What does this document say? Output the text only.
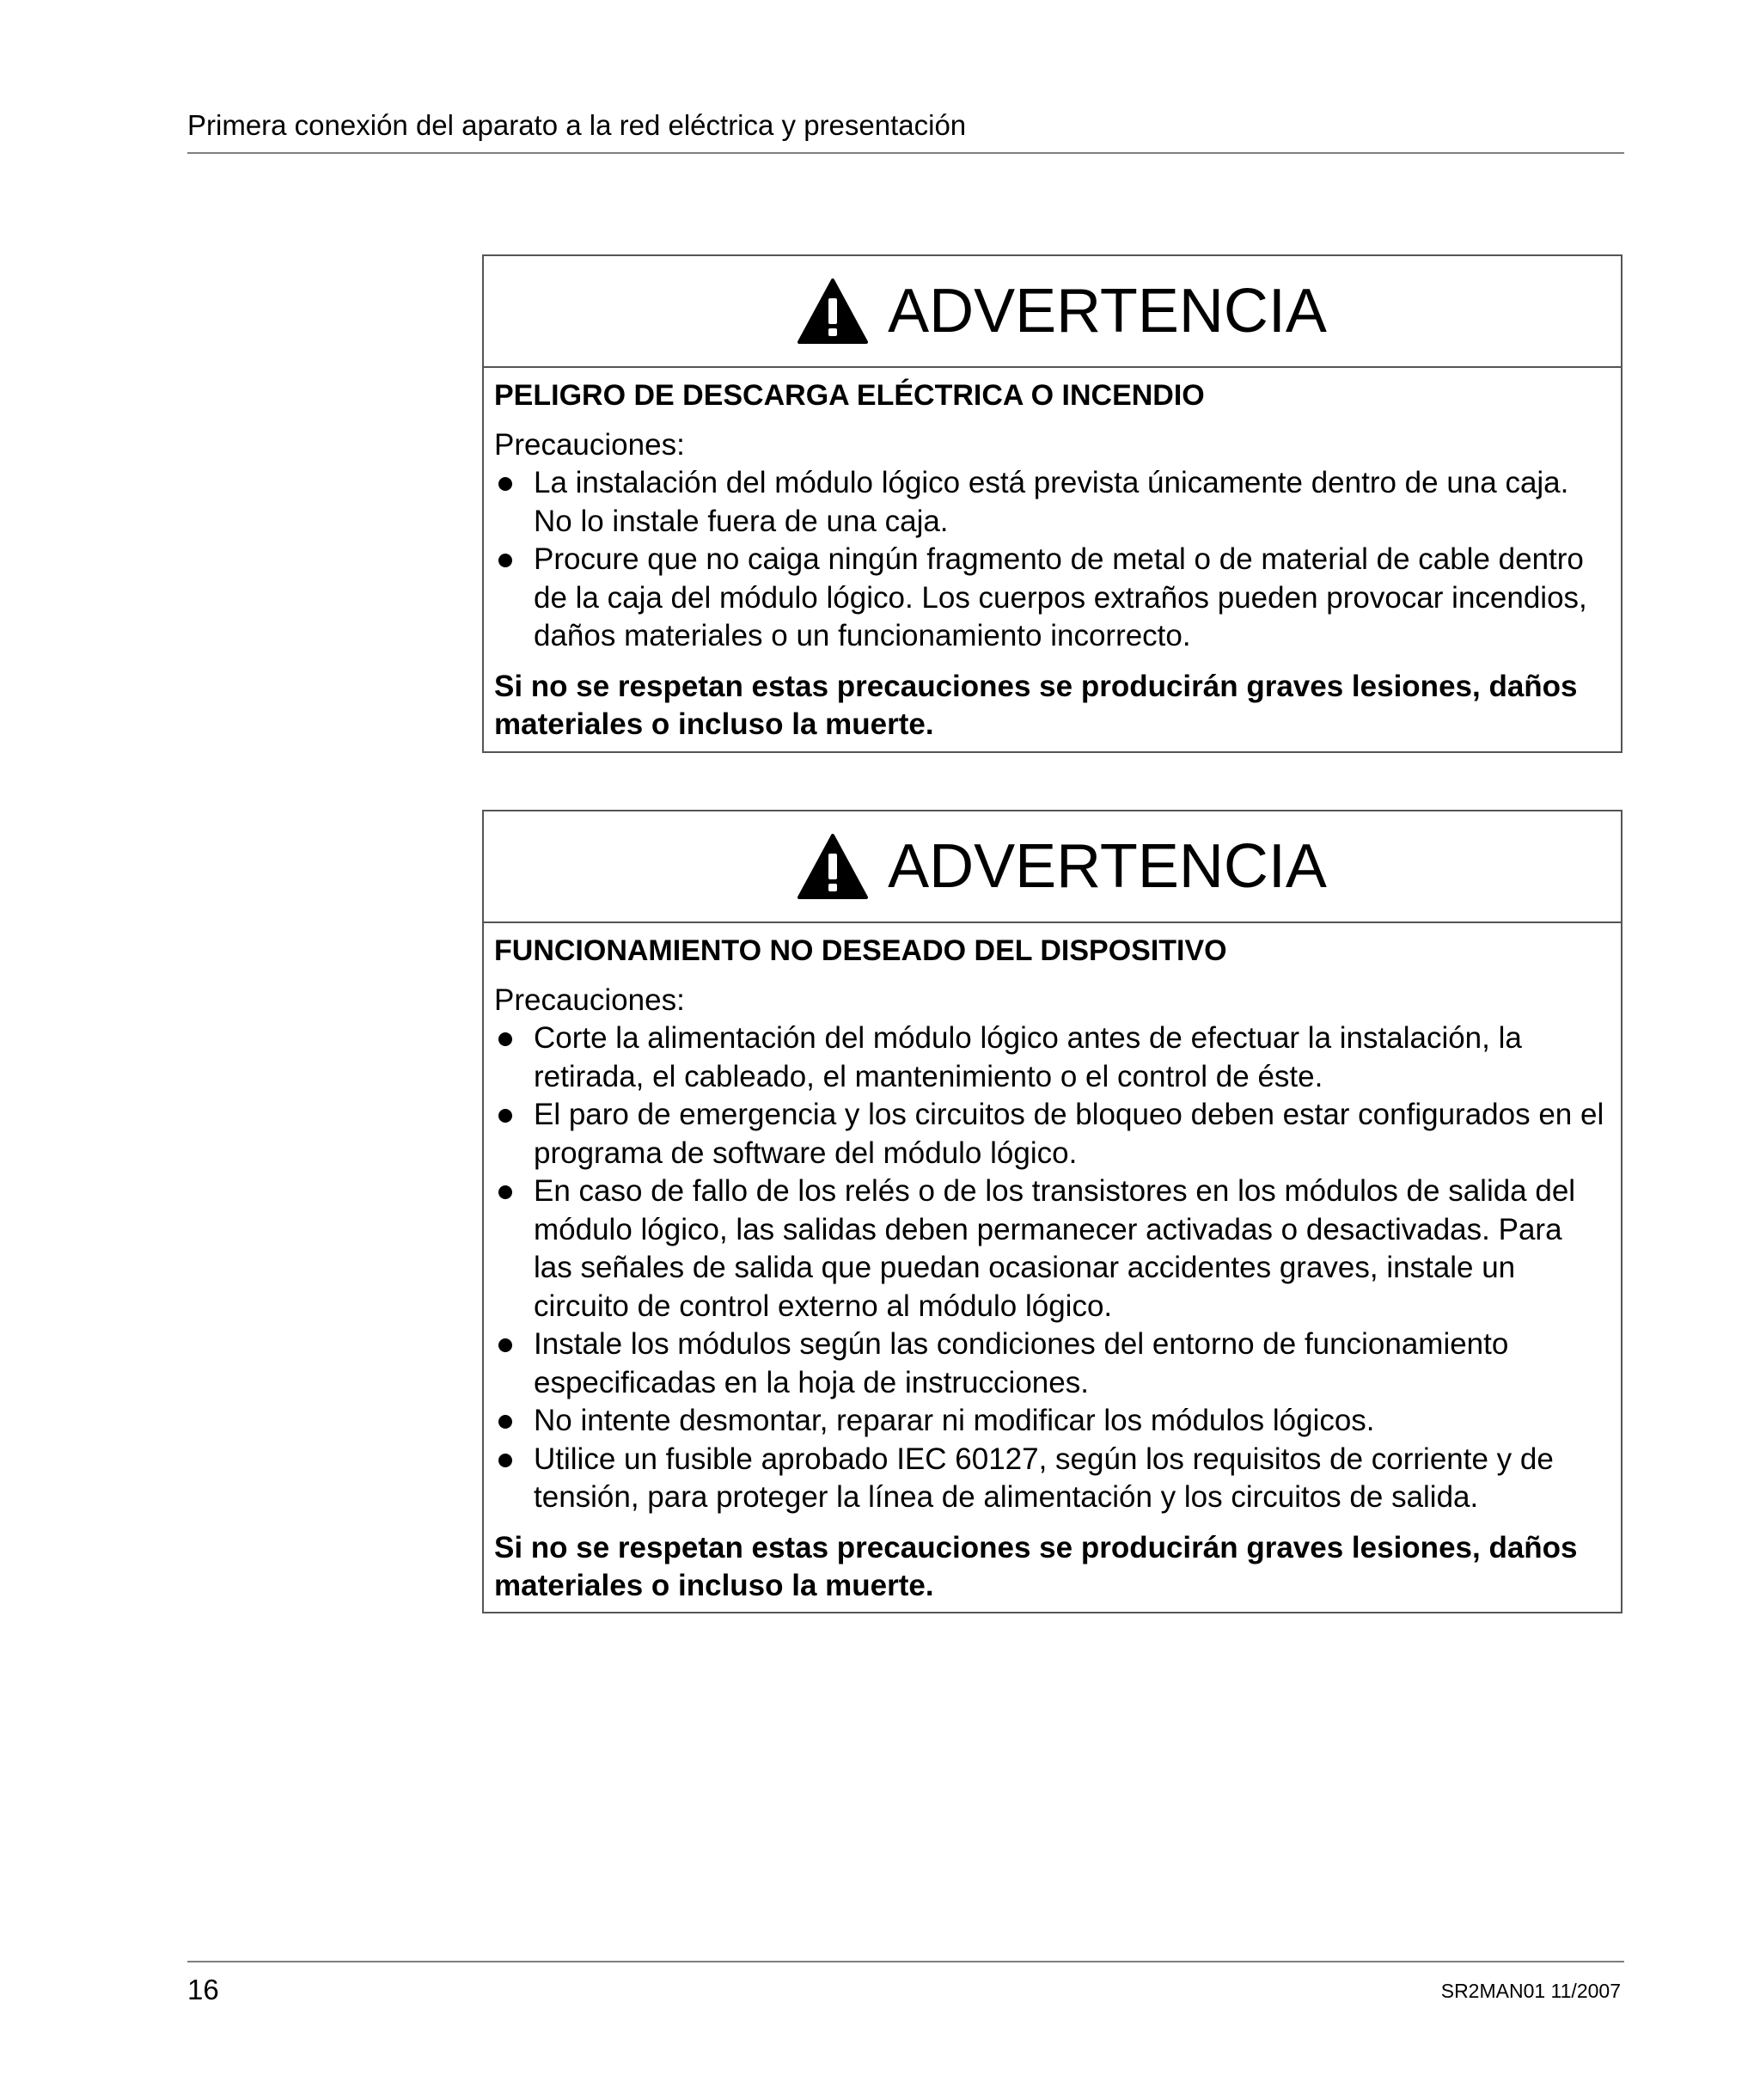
Primera conexión del aparato a la red eléctrica y presentación
ADVERTENCIA
PELIGRO DE DESCARGA ELÉCTRICA O INCENDIO
Precauciones:
La instalación del módulo lógico está prevista únicamente dentro de una caja. No lo instale fuera de una caja.
Procure que no caiga ningún fragmento de metal o de material de cable dentro de la caja del módulo lógico. Los cuerpos extraños pueden provocar incendios, daños materiales o un funcionamiento incorrecto.
Si no se respetan estas precauciones se producirán graves lesiones, daños materiales o incluso la muerte.
ADVERTENCIA
FUNCIONAMIENTO NO DESEADO DEL DISPOSITIVO
Precauciones:
Corte la alimentación del módulo lógico antes de efectuar la instalación, la retirada, el cableado, el mantenimiento o el control de éste.
El paro de emergencia y los circuitos de bloqueo deben estar configurados en el programa de software del módulo lógico.
En caso de fallo de los relés o de los transistores en los módulos de salida del módulo lógico, las salidas deben permanecer activadas o desactivadas. Para las señales de salida que puedan ocasionar accidentes graves, instale un circuito de control externo al módulo lógico.
Instale los módulos según las condiciones del entorno de funcionamiento especificadas en la hoja de instrucciones.
No intente desmontar, reparar ni modificar los módulos lógicos.
Utilice un fusible aprobado IEC 60127, según los requisitos de corriente y de tensión, para proteger la línea de alimentación y los circuitos de salida.
Si no se respetan estas precauciones se producirán graves lesiones, daños materiales o incluso la muerte.
16	SR2MAN01 11/2007
